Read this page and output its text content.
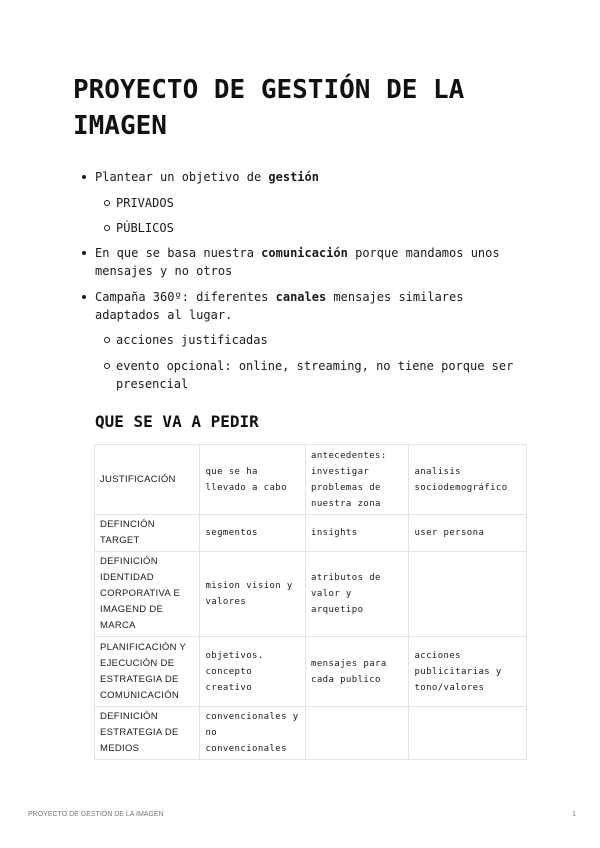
PROYECTO DE GESTIÓN DE LA IMAGEN
Plantear un objetivo de gestión
PRIVADOS
PÚBLICOS
En que se basa nuestra comunicación porque mandamos unos
mensajes y no otros
Campaña 360º: diferentes canales mensajes similares
adaptados al lugar.
acciones justificadas
evento opcional: online, streaming, no tiene porque ser
presencial
QUE SE VA A PEDIR
JUSTIFICACIÓN	que se ha llevado a cabo	antecedentes: investigar problemas de nuestra zona	analisis sociodemográfico
DEFINCIÓN TARGET	segmentos	insights	user persona
DEFINICIÓN IDENTIDAD CORPORATIVA E IMAGEND DE MARCA	mision vision y valores	atributos de valor y arquetipo	
PLANIFICACIÓN Y EJECUCIÓN DE ESTRATEGIA DE COMUNICACIÓN	objetivos. concepto creativo	mensajes para cada publico	acciones publicitarias y tono/valores
DEFINICIÓN ESTRATEGIA DE MEDIOS	convencionales y no convencionales		
PROYECTO DE GESTIÓN DE LA IMAGEN	1
